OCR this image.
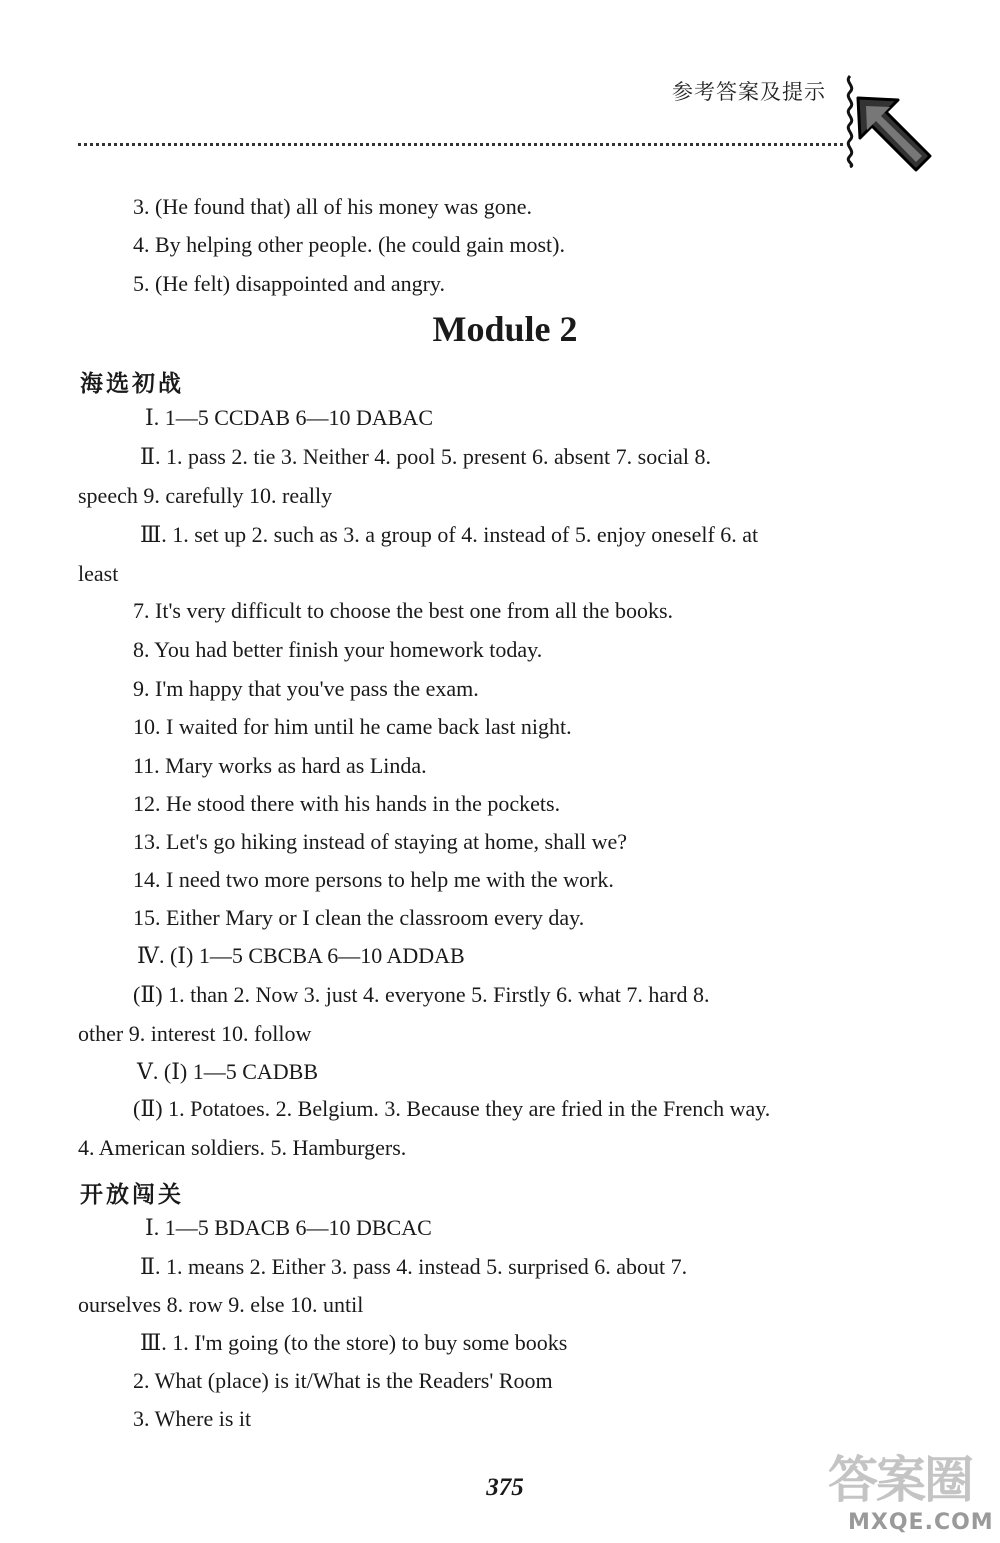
参考答案及提示
3. (He found that) all of his money was gone.
4. By helping other people. (he could gain most).
5. (He felt) disappointed and angry.
Module 2
海选初战
Ⅰ. 1—5 CCDAB 6—10 DABAC
Ⅱ. 1. pass 2. tie 3. Neither 4. pool 5. present 6. absent 7. social 8.
speech 9. carefully 10. really
Ⅲ. 1. set up 2. such as 3. a group of 4. instead of 5. enjoy oneself 6. at
least
7. It's very difficult to choose the best one from all the books.
8. You had better finish your homework today.
9. I'm happy that you've pass the exam.
10. I waited for him until he came back last night.
11. Mary works as hard as Linda.
12. He stood there with his hands in the pockets.
13. Let's go hiking instead of staying at home, shall we?
14. I need two more persons to help me with the work.
15. Either Mary or I clean the classroom every day.
Ⅳ. (Ⅰ) 1—5 CBCBA 6—10 ADDAB
(Ⅱ) 1. than 2. Now 3. just 4. everyone 5. Firstly 6. what 7. hard 8.
other 9. interest 10. follow
Ⅴ. (Ⅰ) 1—5 CADBB
(Ⅱ) 1. Potatoes. 2. Belgium. 3. Because they are fried in the French way.
4. American soldiers. 5. Hamburgers.
开放闯关
Ⅰ. 1—5 BDACB 6—10 DBCAC
Ⅱ. 1. means 2. Either 3. pass 4. instead 5. surprised 6. about 7.
ourselves 8. row 9. else 10. until
Ⅲ. 1. I'm going (to the store) to buy some books
2. What (place) is it/What is the Readers' Room
3. Where is it
375	答案圈
MXQE.COM
